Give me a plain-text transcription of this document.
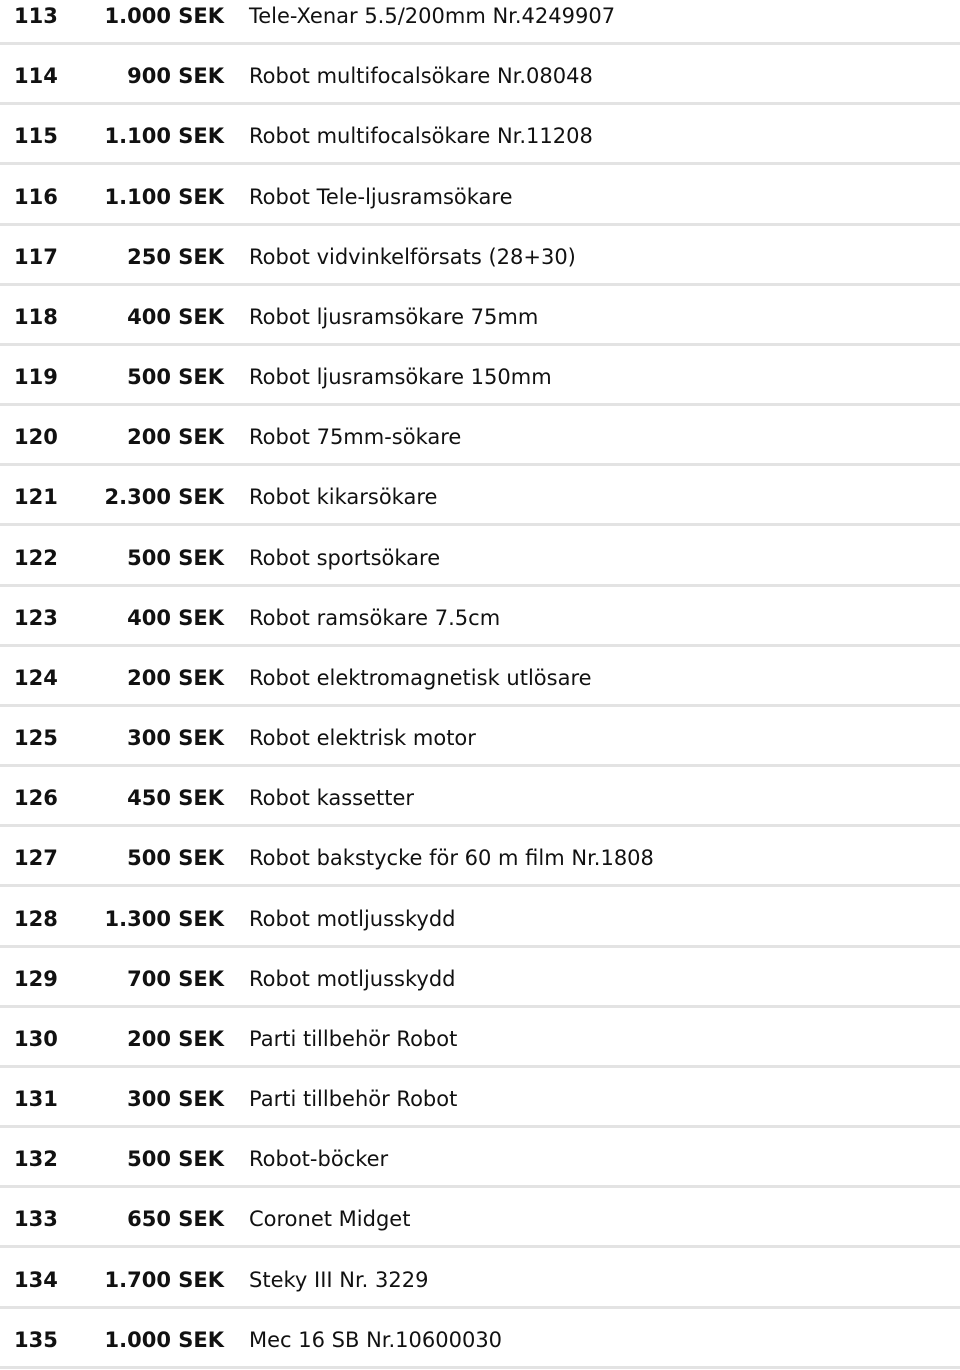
113 1.000 SEK Tele-Xenar 5.5/200mm Nr.4249907
114	900 SEK Robot multifocalsökare Nr.08048
115 1.100 SEK Robot multifocalsökare Nr.11208
116 1.100 SEK Robot Tele-ljusramsökare
117	250 SEK Robot vidvinkelförsats (28+30)
118	400 SEK Robot ljusramsökare 75mm
119	500 SEK Robot ljusramsökare 150mm
120	200 SEK Robot 75mm-sökare
121 2.300 SEK Robot kikarsökare
122	500 SEK Robot sportsökare
123	400 SEK Robot ramsökare 7.5cm
124	200 SEK Robot elektromagnetisk utlösare
125	300 SEK Robot elektrisk motor
126	450 SEK Robot kassetter
127	500 SEK Robot bakstycke för 60 m film Nr.1808
128 1.300 SEK Robot motljusskydd
129	700 SEK Robot motljusskydd
130	200 SEK Parti tillbehör Robot
131	300 SEK Parti tillbehör Robot
132	500 SEK Robot-böcker
133	650 SEK Coronet Midget
134 1.700 SEK Steky III Nr. 3229
135 1.000 SEK Mec 16 SB Nr.10600030
